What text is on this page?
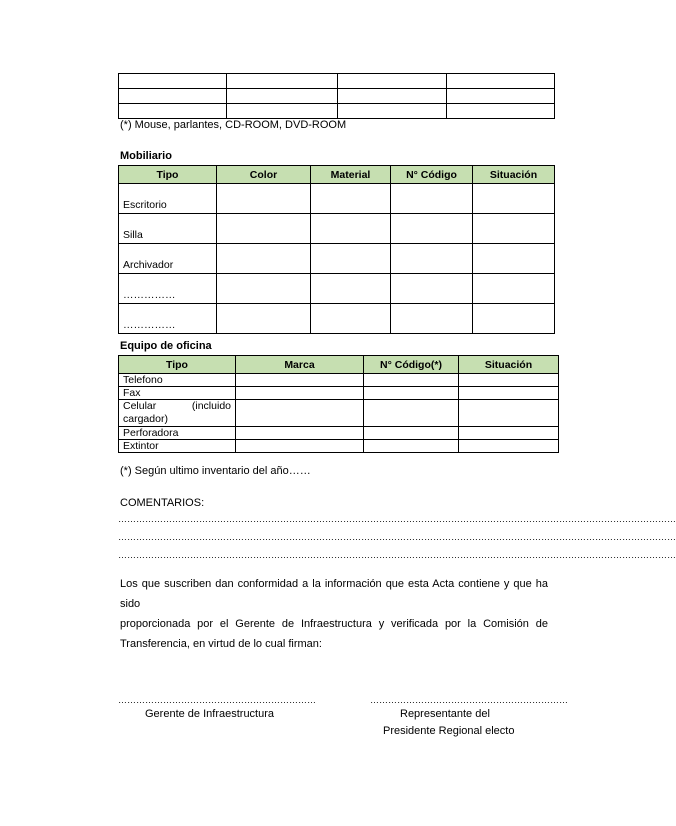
(*) Mouse, parlantes, CD-ROOM, DVD-ROOM
Mobiliario
Tipo	Color	Material	N° Código	Situación
Escritorio				
Silla				
Archivador				
……………				
……………				
Equipo de oficina
Tipo	Marca	N° Código(*)	Situación
Telefono			
Fax			

Celular (incluido
cargador)			

Perforadora			
Extintor			
(*) Según ultimo inventario del año……
COMENTARIOS:
……………………………………………………………………………………………………………………………………………………………………
……………………………………………………………………………………………………………………………………………………………………
……………………………………………………………………………………………………………………………………………………………………
Los que suscriben dan conformidad a la información que esta Acta contiene y que ha sido
proporcionada por el Gerente de Infraestructura y verificada por la Comisión de
Transferencia, en virtud de lo cual firman:
…………………………………………………………	…………………………………………………………
Gerente de Infraestructura	Representante del
Presidente Regional electo
